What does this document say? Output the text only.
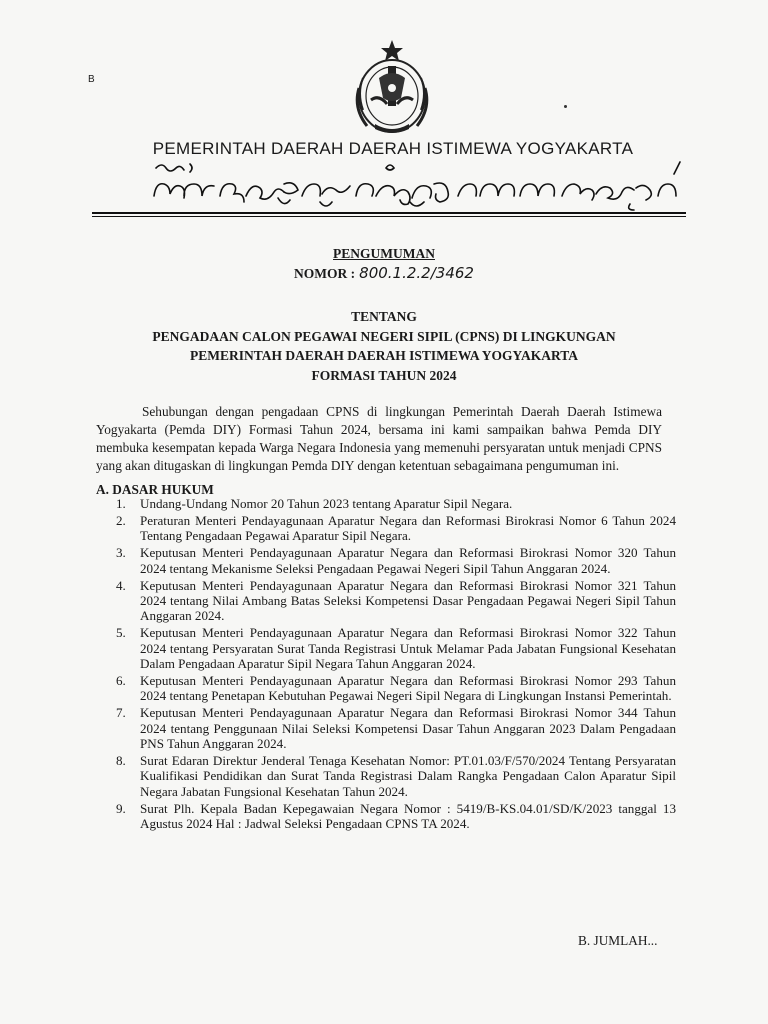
B
PEMERINTAH DAERAH DAERAH ISTIMEWA YOGYAKARTA
PENGUMUMAN
NOMOR : 800.1.2.2/3462
TENTANG
PENGADAAN CALON PEGAWAI NEGERI SIPIL (CPNS) DI LINGKUNGAN
PEMERINTAH DAERAH DAERAH ISTIMEWA YOGYAKARTA
FORMASI TAHUN 2024

Sehubungan dengan pengadaan CPNS di lingkungan Pemerintah Daerah Daerah Istimewa Yogyakarta (Pemda DIY) Formasi Tahun 2024, bersama ini kami sampaikan bahwa Pemda DIY membuka kesempatan kepada Warga Negara Indonesia yang memenuhi persyaratan untuk menjadi CPNS yang akan ditugaskan di lingkungan Pemda DIY dengan ketentuan sebagaimana pengumuman ini.

A. DASAR HUKUM
1. Undang-Undang Nomor 20 Tahun 2023 tentang Aparatur Sipil Negara.
2. Peraturan Menteri Pendayagunaan Aparatur Negara dan Reformasi Birokrasi Nomor 6 Tahun 2024 Tentang Pengadaan Pegawai Aparatur Sipil Negara.
3. Keputusan Menteri Pendayagunaan Aparatur Negara dan Reformasi Birokrasi Nomor 320 Tahun 2024 tentang Mekanisme Seleksi Pengadaan Pegawai Negeri Sipil Tahun Anggaran 2024.
4. Keputusan Menteri Pendayagunaan Aparatur Negara dan Reformasi Birokrasi Nomor 321 Tahun 2024 tentang Nilai Ambang Batas Seleksi Kompetensi Dasar Pengadaan Pegawai Negeri Sipil Tahun Anggaran 2024.
5. Keputusan Menteri Pendayagunaan Aparatur Negara dan Reformasi Birokrasi Nomor 322 Tahun 2024 tentang Persyaratan Surat Tanda Registrasi Untuk Melamar Pada Jabatan Fungsional Kesehatan Dalam Pengadaan Aparatur Sipil Negara Tahun Anggaran 2024.
6. Keputusan Menteri Pendayagunaan Aparatur Negara dan Reformasi Birokrasi Nomor 293 Tahun 2024 tentang Penetapan Kebutuhan Pegawai Negeri Sipil Negara di Lingkungan Instansi Pemerintah.
7. Keputusan Menteri Pendayagunaan Aparatur Negara dan Reformasi Birokrasi Nomor 344 Tahun 2024 tentang Penggunaan Nilai Seleksi Kompetensi Dasar Tahun Anggaran 2023 Dalam Pengadaan PNS Tahun Anggaran 2024.
8. Surat Edaran Direktur Jenderal Tenaga Kesehatan Nomor: PT.01.03/F/570/2024 Tentang Persyaratan Kualifikasi Pendidikan dan Surat Tanda Registrasi Dalam Rangka Pengadaan Calon Aparatur Sipil Negara Jabatan Fungsional Kesehatan Tahun 2024.
9. Surat Plh. Kepala Badan Kepegawaian Negara Nomor : 5419/B-KS.04.01/SD/K/2023 tanggal 13 Agustus 2024 Hal : Jadwal Seleksi Pengadaan CPNS TA 2024.
B. JUMLAH...
